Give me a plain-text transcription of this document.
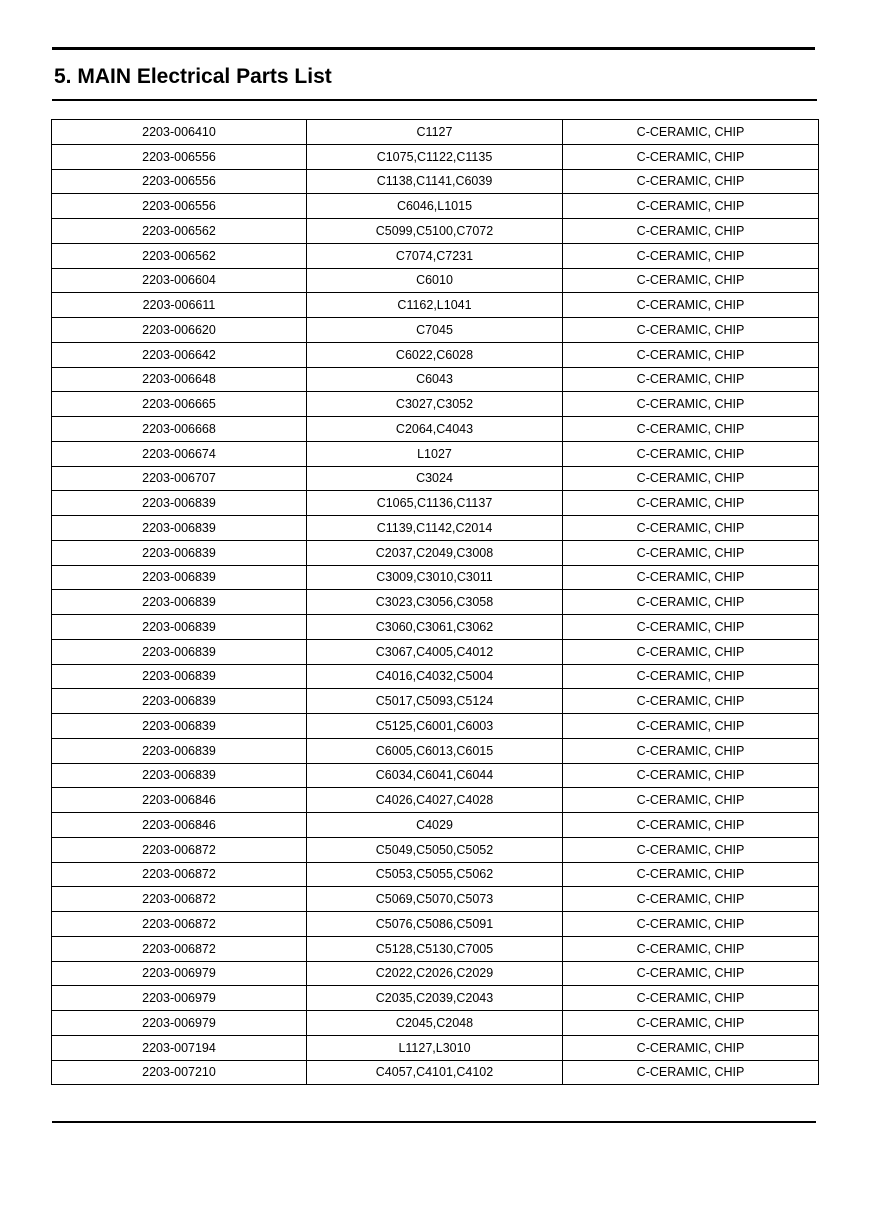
5. MAIN Electrical Parts List
2203-006410	C1127	C-CERAMIC, CHIP
2203-006556	C1075,C1122,C1135	C-CERAMIC, CHIP
2203-006556	C1138,C1141,C6039	C-CERAMIC, CHIP
2203-006556	C6046,L1015	C-CERAMIC, CHIP
2203-006562	C5099,C5100,C7072	C-CERAMIC, CHIP
2203-006562	C7074,C7231	C-CERAMIC, CHIP
2203-006604	C6010	C-CERAMIC, CHIP
2203-006611	C1162,L1041	C-CERAMIC, CHIP
2203-006620	C7045	C-CERAMIC, CHIP
2203-006642	C6022,C6028	C-CERAMIC, CHIP
2203-006648	C6043	C-CERAMIC, CHIP
2203-006665	C3027,C3052	C-CERAMIC, CHIP
2203-006668	C2064,C4043	C-CERAMIC, CHIP
2203-006674	L1027	C-CERAMIC, CHIP
2203-006707	C3024	C-CERAMIC, CHIP
2203-006839	C1065,C1136,C1137	C-CERAMIC, CHIP
2203-006839	C1139,C1142,C2014	C-CERAMIC, CHIP
2203-006839	C2037,C2049,C3008	C-CERAMIC, CHIP
2203-006839	C3009,C3010,C3011	C-CERAMIC, CHIP
2203-006839	C3023,C3056,C3058	C-CERAMIC, CHIP
2203-006839	C3060,C3061,C3062	C-CERAMIC, CHIP
2203-006839	C3067,C4005,C4012	C-CERAMIC, CHIP
2203-006839	C4016,C4032,C5004	C-CERAMIC, CHIP
2203-006839	C5017,C5093,C5124	C-CERAMIC, CHIP
2203-006839	C5125,C6001,C6003	C-CERAMIC, CHIP
2203-006839	C6005,C6013,C6015	C-CERAMIC, CHIP
2203-006839	C6034,C6041,C6044	C-CERAMIC, CHIP
2203-006846	C4026,C4027,C4028	C-CERAMIC, CHIP
2203-006846	C4029	C-CERAMIC, CHIP
2203-006872	C5049,C5050,C5052	C-CERAMIC, CHIP
2203-006872	C5053,C5055,C5062	C-CERAMIC, CHIP
2203-006872	C5069,C5070,C5073	C-CERAMIC, CHIP
2203-006872	C5076,C5086,C5091	C-CERAMIC, CHIP
2203-006872	C5128,C5130,C7005	C-CERAMIC, CHIP
2203-006979	C2022,C2026,C2029	C-CERAMIC, CHIP
2203-006979	C2035,C2039,C2043	C-CERAMIC, CHIP
2203-006979	C2045,C2048	C-CERAMIC, CHIP
2203-007194	L1127,L3010	C-CERAMIC, CHIP
2203-007210	C4057,C4101,C4102	C-CERAMIC, CHIP
